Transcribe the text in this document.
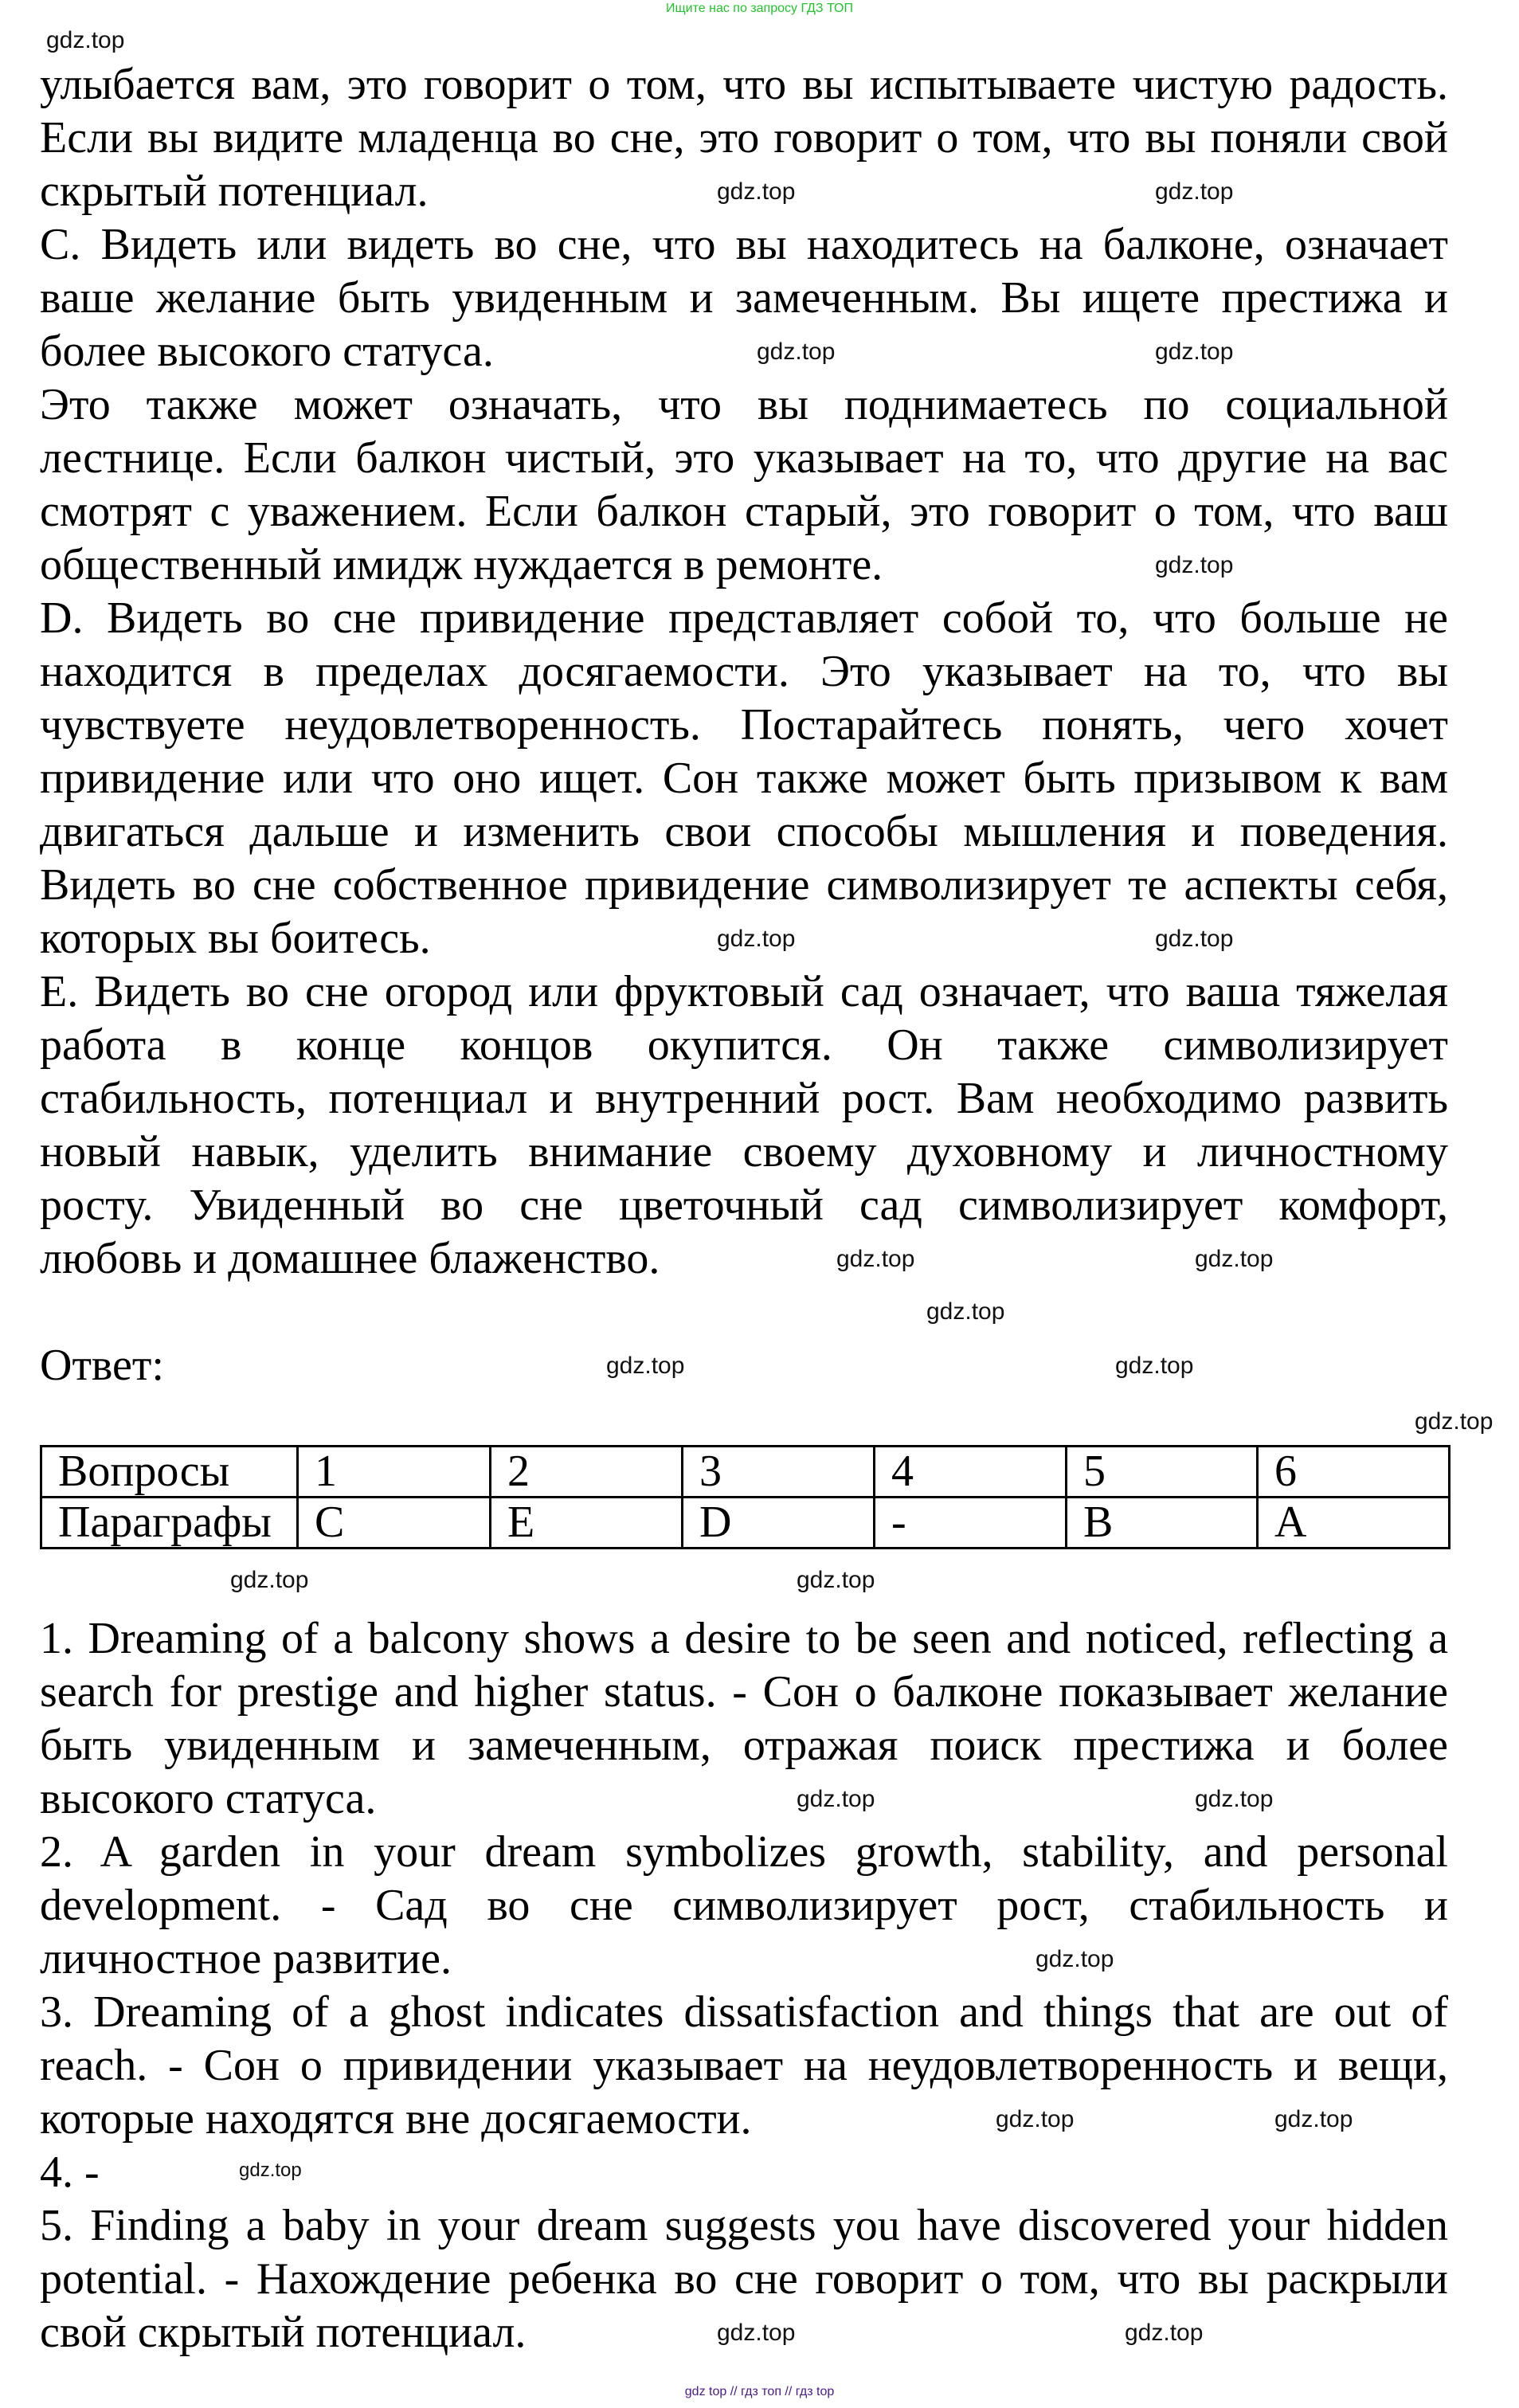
Ищите нас по запросу ГДЗ ТОП
улыбается вам, это говорит о том, что вы испытываете чистую радость.
Если вы видите младенца во сне, это говорит о том, что вы поняли свой
скрытый потенциал.
С. Видеть или видеть во сне, что вы находитесь на балконе, означает
ваше желание быть увиденным и замеченным. Вы ищете престижа и
более высокого статуса.
Это также может означать, что вы поднимаетесь по социальной
лестнице. Если балкон чистый, это указывает на то, что другие на вас
смотрят с уважением. Если балкон старый, это говорит о том, что ваш
общественный имидж нуждается в ремонте.
D. Видеть во сне привидение представляет собой то, что больше не
находится в пределах досягаемости. Это указывает на то, что вы
чувствуете неудовлетворенность. Постарайтесь понять, чего хочет
привидение или что оно ищет. Сон также может быть призывом к вам
двигаться дальше и изменить свои способы мышления и поведения.
Видеть во сне собственное привидение символизирует те аспекты себя,
которых вы боитесь.
E. Видеть во сне огород или фруктовый сад означает, что ваша тяжелая
работа в конце концов окупится. Он также символизирует
стабильность, потенциал и внутренний рост. Вам необходимо развить
новый навык, уделить внимание своему духовному и личностному
росту. Увиденный во сне цветочный сад символизирует комфорт,
любовь и домашнее блаженство.
Ответ:
Вопросы	1	2	3	4	5	6
Параграфы	C	E	D	-	B	A
1. Dreaming of a balcony shows a desire to be seen and noticed, reflecting a
search for prestige and higher status. - Сон о балконе показывает желание
быть увиденным и замеченным, отражая поиск престижа и более
высокого статуса.
2. A garden in your dream symbolizes growth, stability, and personal
development. - Сад во сне символизирует рост, стабильность и
личностное развитие.
3. Dreaming of a ghost indicates dissatisfaction and things that are out of
reach. - Сон о привидении указывает на неудовлетворенность и вещи,
которые находятся вне досягаемости.
4. -
5. Finding a baby in your dream suggests you have discovered your hidden
potential. - Нахождение ребенка во сне говорит о том, что вы раскрыли
свой скрытый потенциал.
gdz.top
gdz.top	gdz.top
gdz.top	gdz.top
gdz.top
gdz.top	gdz.top
gdz.top	gdz.top
gdz.top
gdz.top	gdz.top
gdz.top
gdz.top	gdz.top
gdz.top	gdz.top
gdz.top
gdz.top	gdz.top
gdz.top
gdz.top	gdz.top
gdz top // гдз топ // гдз top
